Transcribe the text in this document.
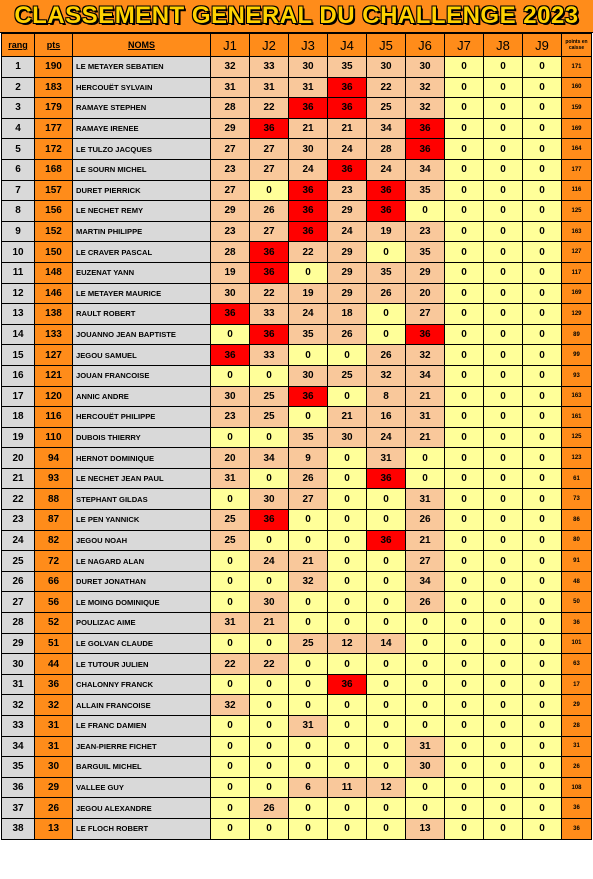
CLASSEMENT GENERAL DU CHALLENGE 2023
rang	pts	NOMS	J1	J2	J3	J4	J5	J6	J7	J8	J9	points en caisse
1	190	LE METAYER SEBATIEN	32	33	30	35	30	30	0	0	0	171
2	183	HERCOUËT SYLVAIN	31	31	31	36	22	32	0	0	0	160
3	179	RAMAYE STEPHEN	28	22	36	36	25	32	0	0	0	159
4	177	RAMAYE IRENEE	29	36	21	21	34	36	0	0	0	169
5	172	LE TULZO JACQUES	27	27	30	24	28	36	0	0	0	164
6	168	LE SOURN MICHEL	23	27	24	36	24	34	0	0	0	177
7	157	DURET PIERRICK	27	0	36	23	36	35	0	0	0	116
8	156	LE NECHET REMY	29	26	36	29	36	0	0	0	0	125
9	152	MARTIN PHILIPPE	23	27	36	24	19	23	0	0	0	163
10	150	LE CRAVER PASCAL	28	36	22	29	0	35	0	0	0	127
11	148	EUZENAT YANN	19	36	0	29	35	29	0	0	0	117
12	146	LE METAYER MAURICE	30	22	19	29	26	20	0	0	0	169
13	138	RAULT ROBERT	36	33	24	18	0	27	0	0	0	129
14	133	JOUANNO JEAN BAPTISTE	0	36	35	26	0	36	0	0	0	89
15	127	JEGOU SAMUEL	36	33	0	0	26	32	0	0	0	99
16	121	JOUAN FRANCOISE	0	0	30	25	32	34	0	0	0	93
17	120	ANNIC ANDRE	30	25	36	0	8	21	0	0	0	163
18	116	HERCOUËT PHILIPPE	23	25	0	21	16	31	0	0	0	161
19	110	DUBOIS THIERRY	0	0	35	30	24	21	0	0	0	125
20	94	HERNOT DOMINIQUE	20	34	9	0	31	0	0	0	0	123
21	93	LE NECHET JEAN PAUL	31	0	26	0	36	0	0	0	0	61
22	88	STEPHANT GILDAS	0	30	27	0	0	31	0	0	0	73
23	87	LE PEN YANNICK	25	36	0	0	0	26	0	0	0	86
24	82	JEGOU NOAH	25	0	0	0	36	21	0	0	0	80
25	72	LE NAGARD ALAN	0	24	21	0	0	27	0	0	0	91
26	66	DURET JONATHAN	0	0	32	0	0	34	0	0	0	48
27	56	LE MOING DOMINIQUE	0	30	0	0	0	26	0	0	0	50
28	52	POULIZAC AIME	31	21	0	0	0	0	0	0	0	36
29	51	LE GOLVAN CLAUDE	0	0	25	12	14	0	0	0	0	101
30	44	LE TUTOUR JULIEN	22	22	0	0	0	0	0	0	0	63
31	36	CHALONNY FRANCK	0	0	0	36	0	0	0	0	0	17
32	32	ALLAIN FRANCOISE	32	0	0	0	0	0	0	0	0	29
33	31	LE FRANC DAMIEN	0	0	31	0	0	0	0	0	0	28
34	31	JEAN-PIERRE FICHET	0	0	0	0	0	31	0	0	0	31
35	30	BARGUIL MICHEL	0	0	0	0	0	30	0	0	0	26
36	29	VALLEE GUY	0	0	6	11	12	0	0	0	0	108
37	26	JEGOU ALEXANDRE	0	26	0	0	0	0	0	0	0	36
38	13	LE FLOCH ROBERT	0	0	0	0	0	13	0	0	0	36
